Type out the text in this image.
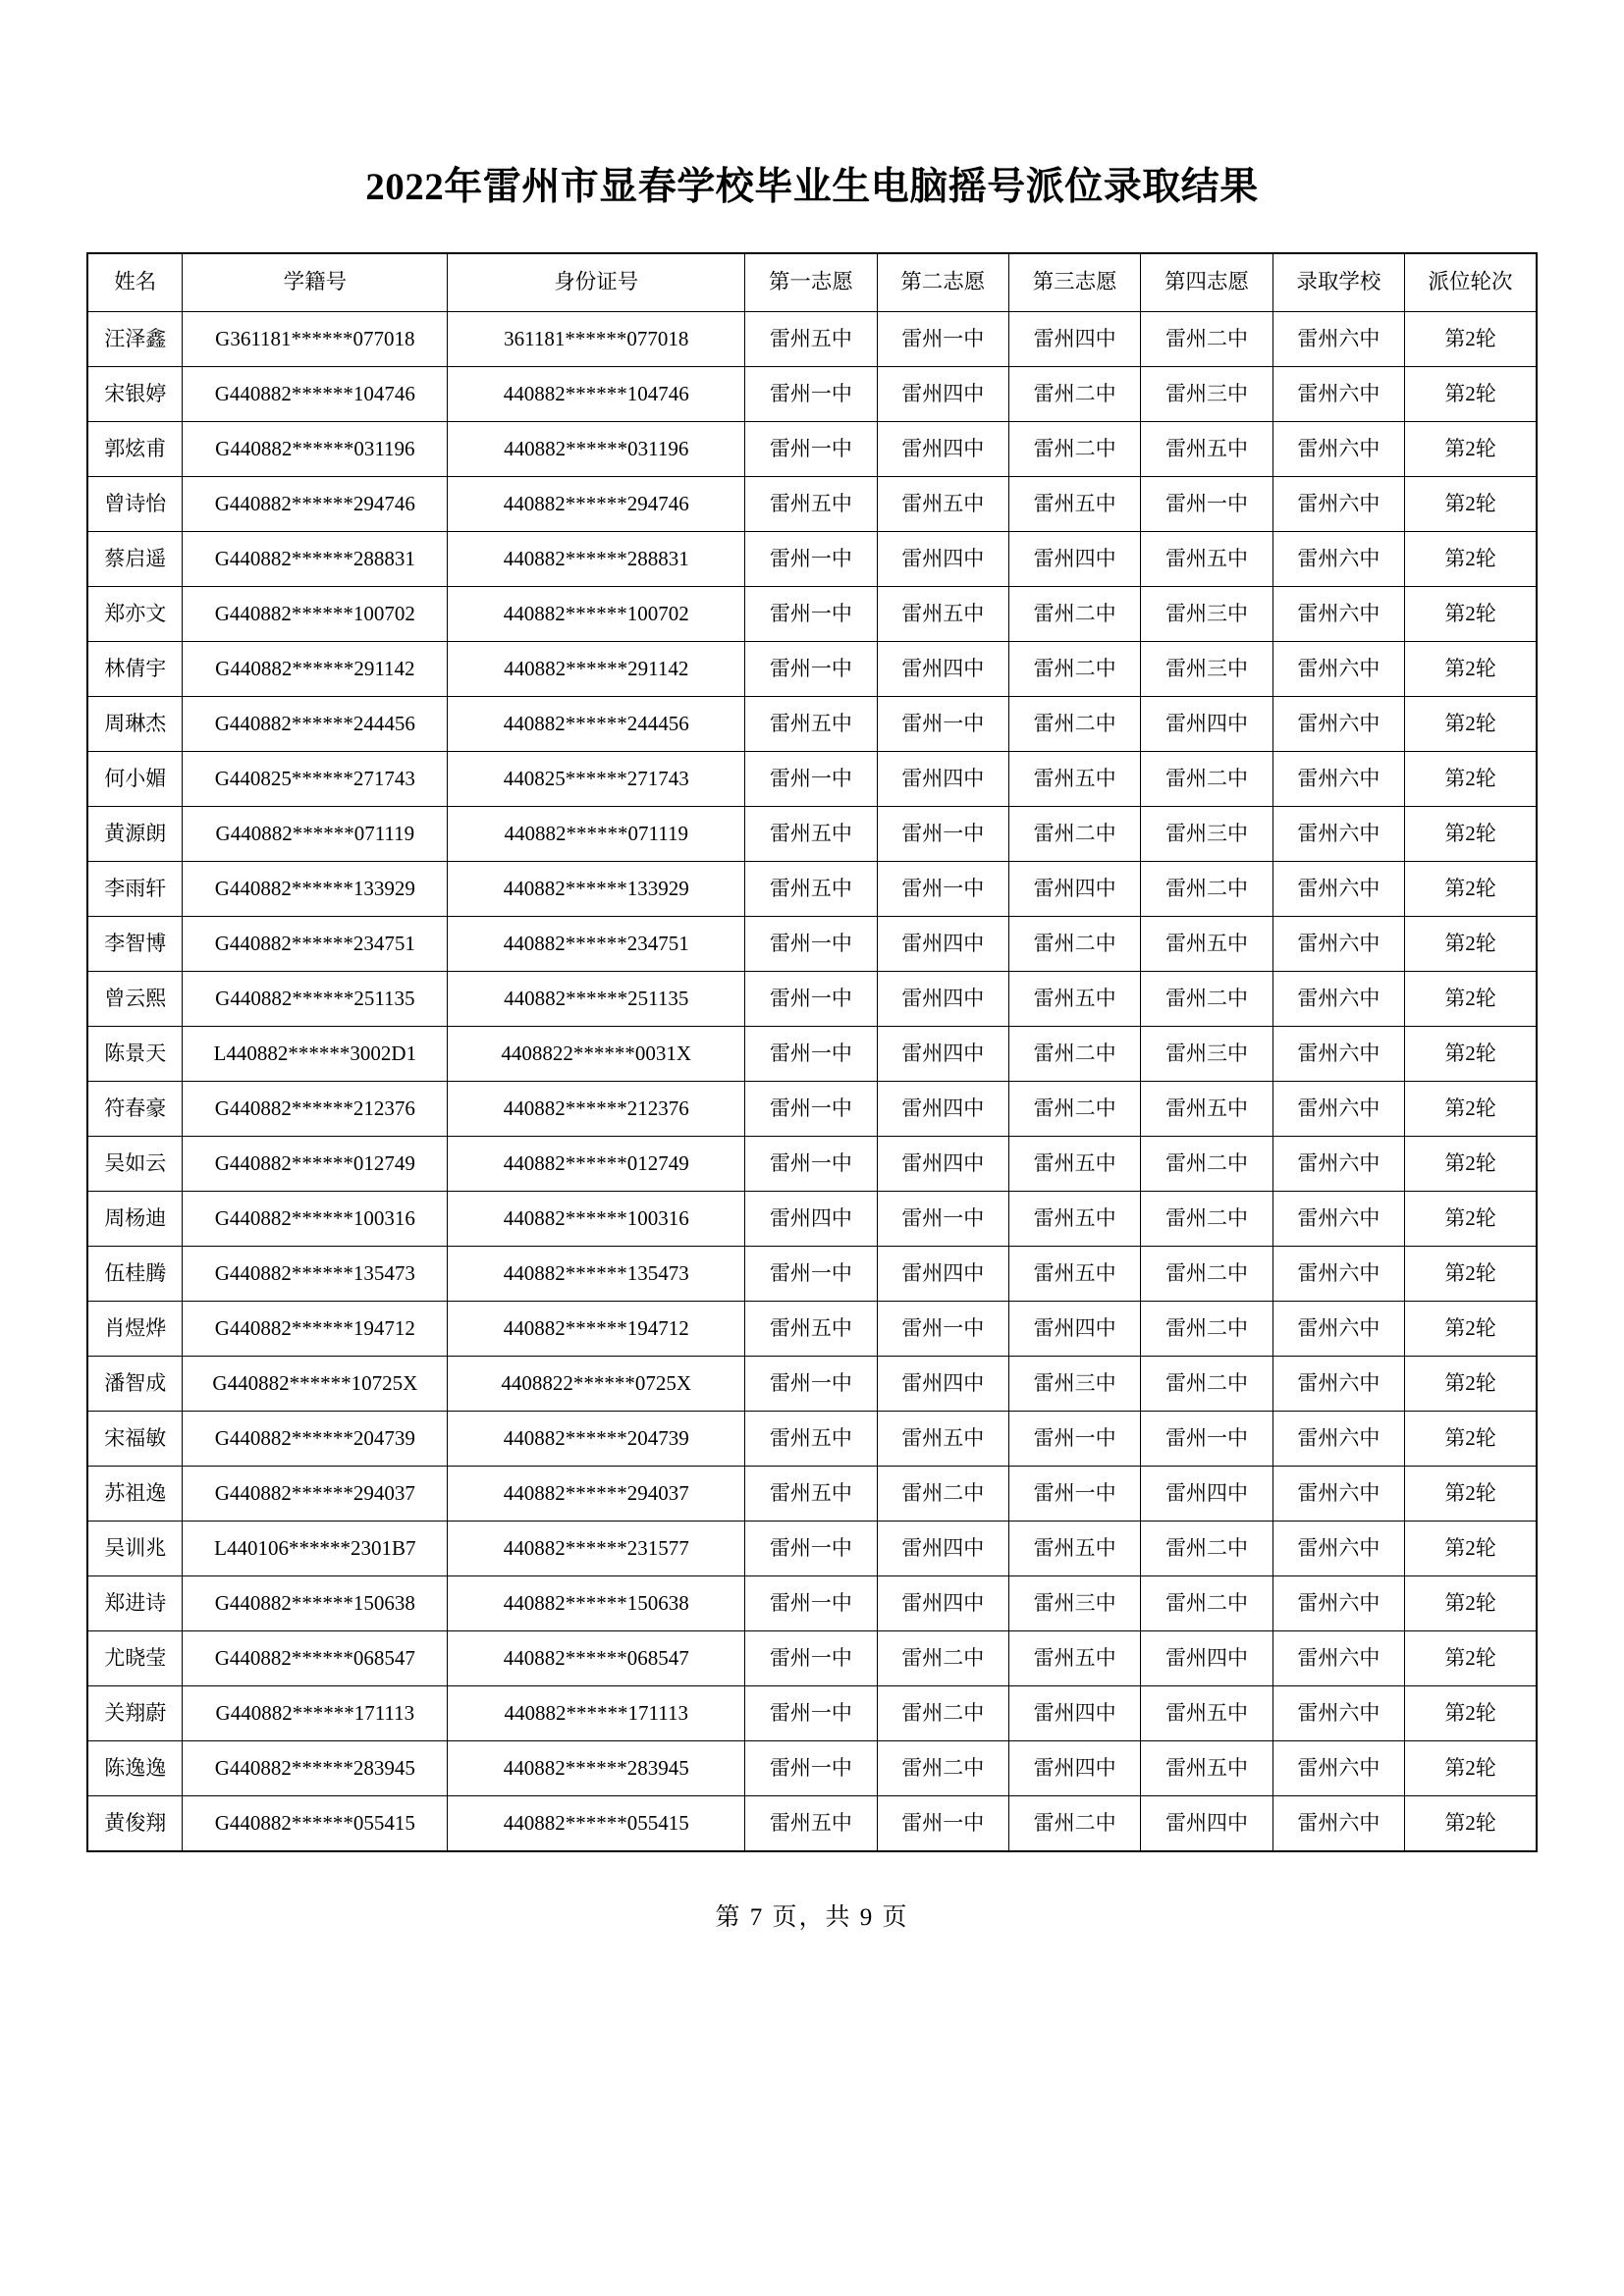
2022年雷州市显春学校毕业生电脑摇号派位录取结果
姓名	学籍号	身份证号	第一志愿	第二志愿	第三志愿	第四志愿	录取学校	派位轮次
汪泽鑫	G361181******077018	361181******077018	雷州五中	雷州一中	雷州四中	雷州二中	雷州六中	第2轮
宋银婷	G440882******104746	440882******104746	雷州一中	雷州四中	雷州二中	雷州三中	雷州六中	第2轮
郭炫甫	G440882******031196	440882******031196	雷州一中	雷州四中	雷州二中	雷州五中	雷州六中	第2轮
曾诗怡	G440882******294746	440882******294746	雷州五中	雷州五中	雷州五中	雷州一中	雷州六中	第2轮
蔡启遥	G440882******288831	440882******288831	雷州一中	雷州四中	雷州四中	雷州五中	雷州六中	第2轮
郑亦文	G440882******100702	440882******100702	雷州一中	雷州五中	雷州二中	雷州三中	雷州六中	第2轮
林倩宇	G440882******291142	440882******291142	雷州一中	雷州四中	雷州二中	雷州三中	雷州六中	第2轮
周琳杰	G440882******244456	440882******244456	雷州五中	雷州一中	雷州二中	雷州四中	雷州六中	第2轮
何小媚	G440825******271743	440825******271743	雷州一中	雷州四中	雷州五中	雷州二中	雷州六中	第2轮
黄源朗	G440882******071119	440882******071119	雷州五中	雷州一中	雷州二中	雷州三中	雷州六中	第2轮
李雨轩	G440882******133929	440882******133929	雷州五中	雷州一中	雷州四中	雷州二中	雷州六中	第2轮
李智博	G440882******234751	440882******234751	雷州一中	雷州四中	雷州二中	雷州五中	雷州六中	第2轮
曾云熙	G440882******251135	440882******251135	雷州一中	雷州四中	雷州五中	雷州二中	雷州六中	第2轮
陈景天	L440882******3002D1	4408822******0031X	雷州一中	雷州四中	雷州二中	雷州三中	雷州六中	第2轮
符春豪	G440882******212376	440882******212376	雷州一中	雷州四中	雷州二中	雷州五中	雷州六中	第2轮
吴如云	G440882******012749	440882******012749	雷州一中	雷州四中	雷州五中	雷州二中	雷州六中	第2轮
周杨迪	G440882******100316	440882******100316	雷州四中	雷州一中	雷州五中	雷州二中	雷州六中	第2轮
伍桂腾	G440882******135473	440882******135473	雷州一中	雷州四中	雷州五中	雷州二中	雷州六中	第2轮
肖煜烨	G440882******194712	440882******194712	雷州五中	雷州一中	雷州四中	雷州二中	雷州六中	第2轮
潘智成	G440882******10725X	4408822******0725X	雷州一中	雷州四中	雷州三中	雷州二中	雷州六中	第2轮
宋福敏	G440882******204739	440882******204739	雷州五中	雷州五中	雷州一中	雷州一中	雷州六中	第2轮
苏祖逸	G440882******294037	440882******294037	雷州五中	雷州二中	雷州一中	雷州四中	雷州六中	第2轮
吴训兆	L440106******2301B7	440882******231577	雷州一中	雷州四中	雷州五中	雷州二中	雷州六中	第2轮
郑进诗	G440882******150638	440882******150638	雷州一中	雷州四中	雷州三中	雷州二中	雷州六中	第2轮
尤晓莹	G440882******068547	440882******068547	雷州一中	雷州二中	雷州五中	雷州四中	雷州六中	第2轮
关翔蔚	G440882******171113	440882******171113	雷州一中	雷州二中	雷州四中	雷州五中	雷州六中	第2轮
陈逸逸	G440882******283945	440882******283945	雷州一中	雷州二中	雷州四中	雷州五中	雷州六中	第2轮
黄俊翔	G440882******055415	440882******055415	雷州五中	雷州一中	雷州二中	雷州四中	雷州六中	第2轮
第 7 页，共 9 页
